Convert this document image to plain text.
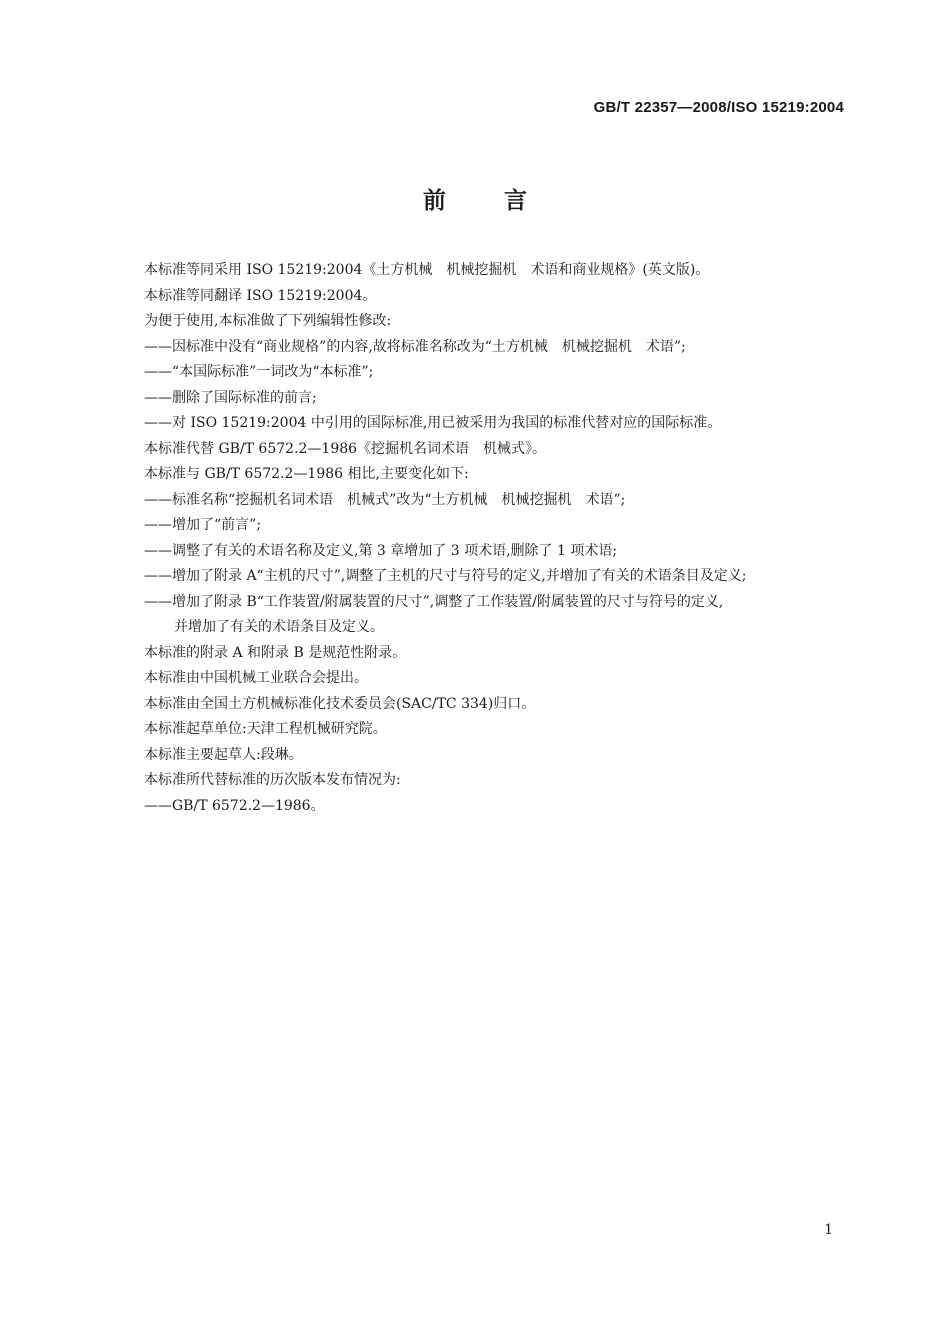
GB/T 22357—2008/ISO 15219:2004
前言
本标准等同采用 ISO 15219:2004《土方机械　机械挖掘机　术语和商业规格》(英文版)。
本标准等同翻译 ISO 15219:2004。
为便于使用,本标准做了下列编辑性修改:
——因标准中没有“商业规格”的内容,故将标准名称改为“土方机械　机械挖掘机　术语”;
——“本国际标准”一词改为“本标准”;
——删除了国际标准的前言;
——对 ISO 15219:2004 中引用的国际标准,用已被采用为我国的标准代替对应的国际标准。
本标准代替 GB/T 6572.2—1986《挖掘机名词术语　机械式》。
本标准与 GB/T 6572.2—1986 相比,主要变化如下:
——标准名称“挖掘机名词术语　机械式”改为“土方机械　机械挖掘机　术语”;
——增加了“前言”;
——调整了有关的术语名称及定义,第 3 章增加了 3 项术语,删除了 1 项术语;
——增加了附录 A“主机的尺寸”,调整了主机的尺寸与符号的定义,并增加了有关的术语条目及定义;
——增加了附录 B“工作装置/附属装置的尺寸”,调整了工作装置/附属装置的尺寸与符号的定义,
并增加了有关的术语条目及定义。
本标准的附录 A 和附录 B 是规范性附录。
本标准由中国机械工业联合会提出。
本标准由全国土方机械标准化技术委员会(SAC/TC 334)归口。
本标准起草单位:天津工程机械研究院。
本标准主要起草人:段琳。
本标准所代替标准的历次版本发布情况为:
——GB/T 6572.2—1986。
1
